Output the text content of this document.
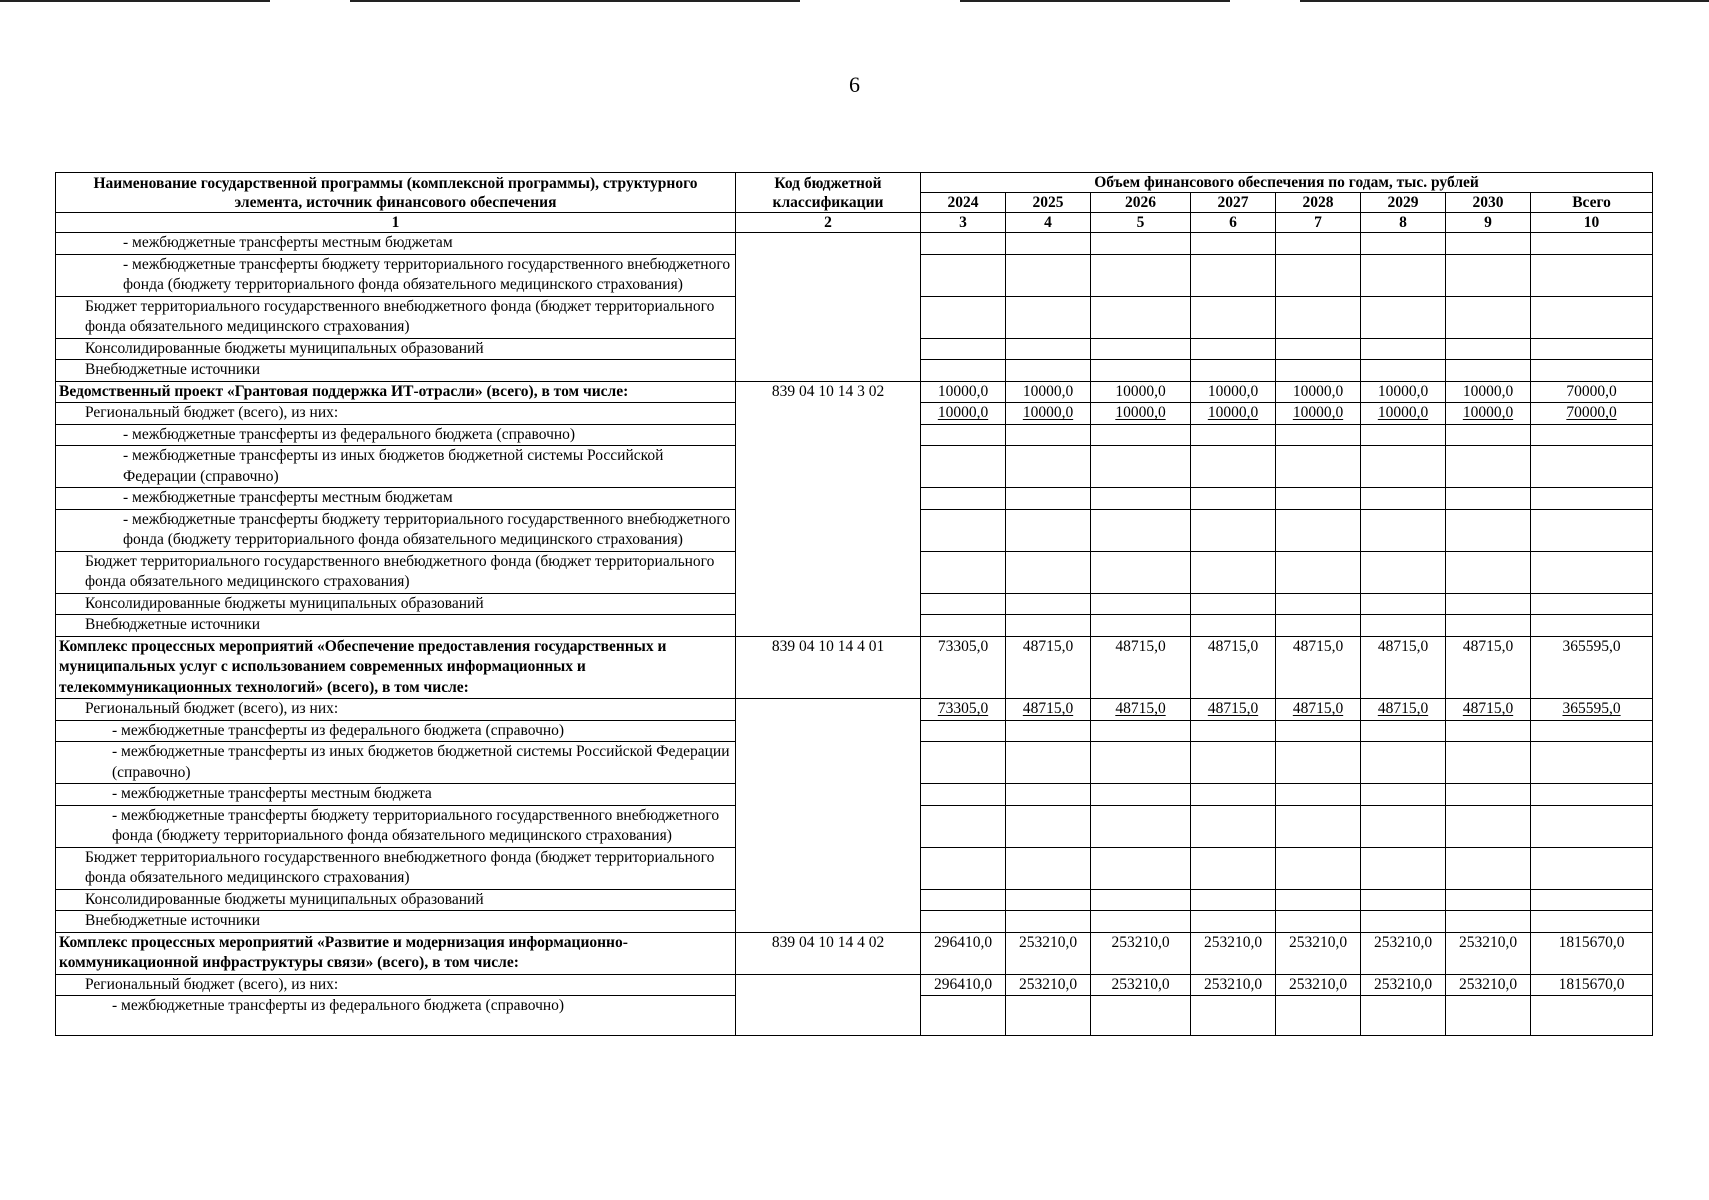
6
Наименование государственной программы (комплексной программы), структурного элемента, источник финансового обеспечения	Код бюджетной классификации	Объем финансового обеспечения по годам, тыс. рублей							
		2024	2025	2026	2027	2028	2029	2030	Всего
1	2	3	4	5	6	7	8	9	10
- межбюджетные трансферты местным бюджетам									
- межбюджетные трансферты бюджету территориального государственного внебюджетного фонда (бюджету территориального фонда обязательного медицинского страхования)									
Бюджет территориального государственного внебюджетного фонда (бюджет территориального фонда обязательного медицинского страхования)									
Консолидированные бюджеты муниципальных образований									
Внебюджетные источники									
Ведомственный проект «Грантовая поддержка ИТ-отрасли» (всего), в том числе:	839 04 10 14 3 02	10000,0	10000,0	10000,0	10000,0	10000,0	10000,0	10000,0	70000,0
Региональный бюджет (всего), из них:		10000,0	10000,0	10000,0	10000,0	10000,0	10000,0	10000,0	70000,0
- межбюджетные трансферты из федерального бюджета (справочно)									
- межбюджетные трансферты из иных бюджетов бюджетной системы Российской Федерации (справочно)									
- межбюджетные трансферты местным бюджетам									
- межбюджетные трансферты бюджету территориального государственного внебюджетного фонда (бюджету территориального фонда обязательного медицинского страхования)									
Бюджет территориального государственного внебюджетного фонда (бюджет территориального фонда обязательного медицинского страхования)									
Консолидированные бюджеты муниципальных образований									
Внебюджетные источники									
Комплекс процессных мероприятий «Обеспечение предоставления государственных и муниципальных услуг с использованием современных информационных и телекоммуникационных технологий» (всего), в том числе:	839 04 10 14 4 01	73305,0	48715,0	48715,0	48715,0	48715,0	48715,0	48715,0	365595,0
Региональный бюджет (всего), из них:		73305,0	48715,0	48715,0	48715,0	48715,0	48715,0	48715,0	365595,0
- межбюджетные трансферты из федерального бюджета (справочно)									
- межбюджетные трансферты из иных бюджетов бюджетной системы Российской Федерации (справочно)									
- межбюджетные трансферты местным бюджета									
- межбюджетные трансферты бюджету территориального государственного внебюджетного фонда (бюджету территориального фонда обязательного медицинского страхования)									
Бюджет территориального государственного внебюджетного фонда (бюджет территориального фонда обязательного медицинского страхования)									
Консолидированные бюджеты муниципальных образований									
Внебюджетные источники									
Комплекс процессных мероприятий «Развитие и модернизация информационно-коммуникационной инфраструктуры связи» (всего), в том числе:	839 04 10 14 4 02	296410,0	253210,0	253210,0	253210,0	253210,0	253210,0	253210,0	1815670,0
Региональный бюджет (всего), из них:		296410,0	253210,0	253210,0	253210,0	253210,0	253210,0	253210,0	1815670,0
- межбюджетные трансферты из федерального бюджета (справочно)									
